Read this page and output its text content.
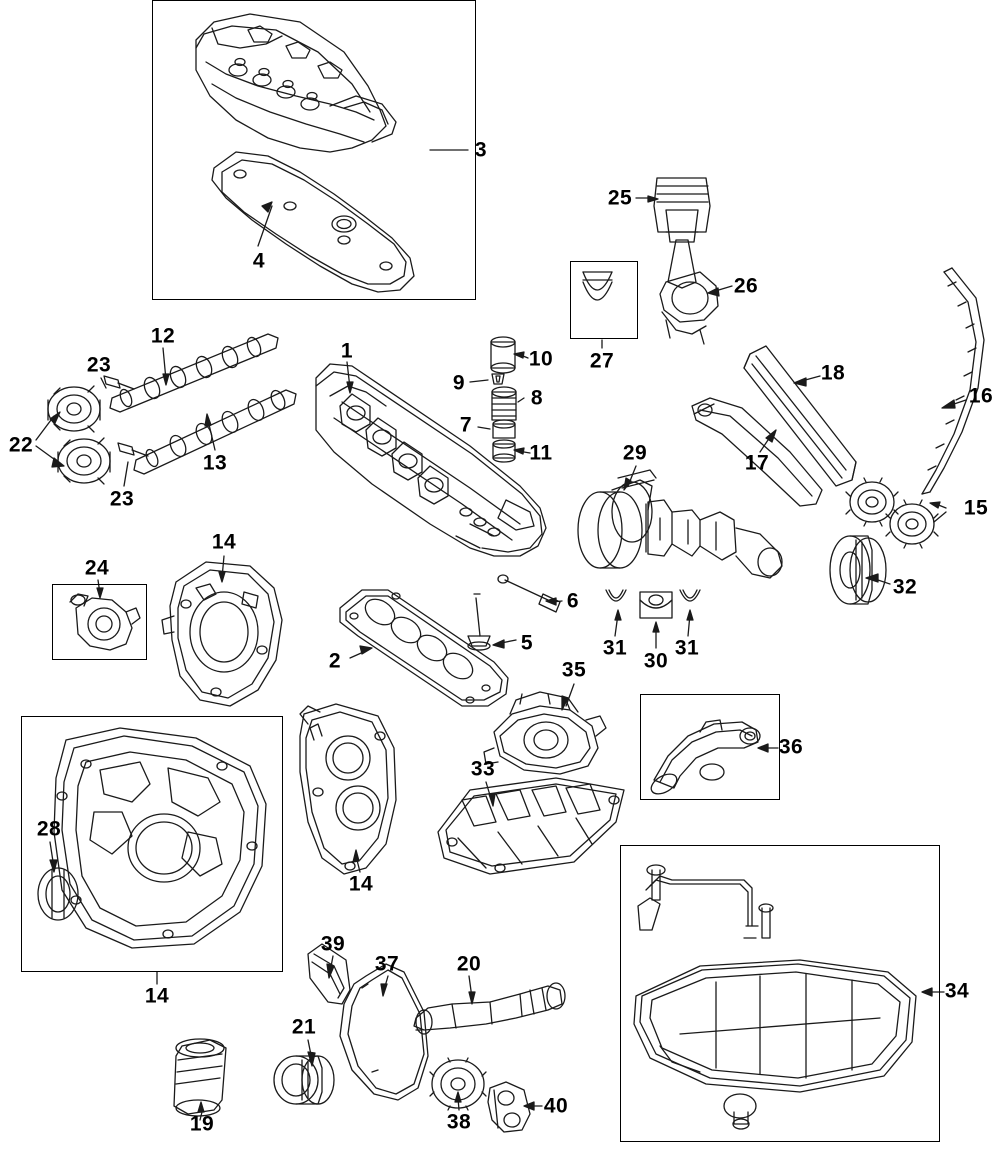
3
4
25
26
27
12
23
22
23
13
1	10
9
8
7
11
18
16
17
29
15
32
14
24
6
5
2
31
30
31
35
36
33
28
14
14
39
37	20
34
21
40
38
19
